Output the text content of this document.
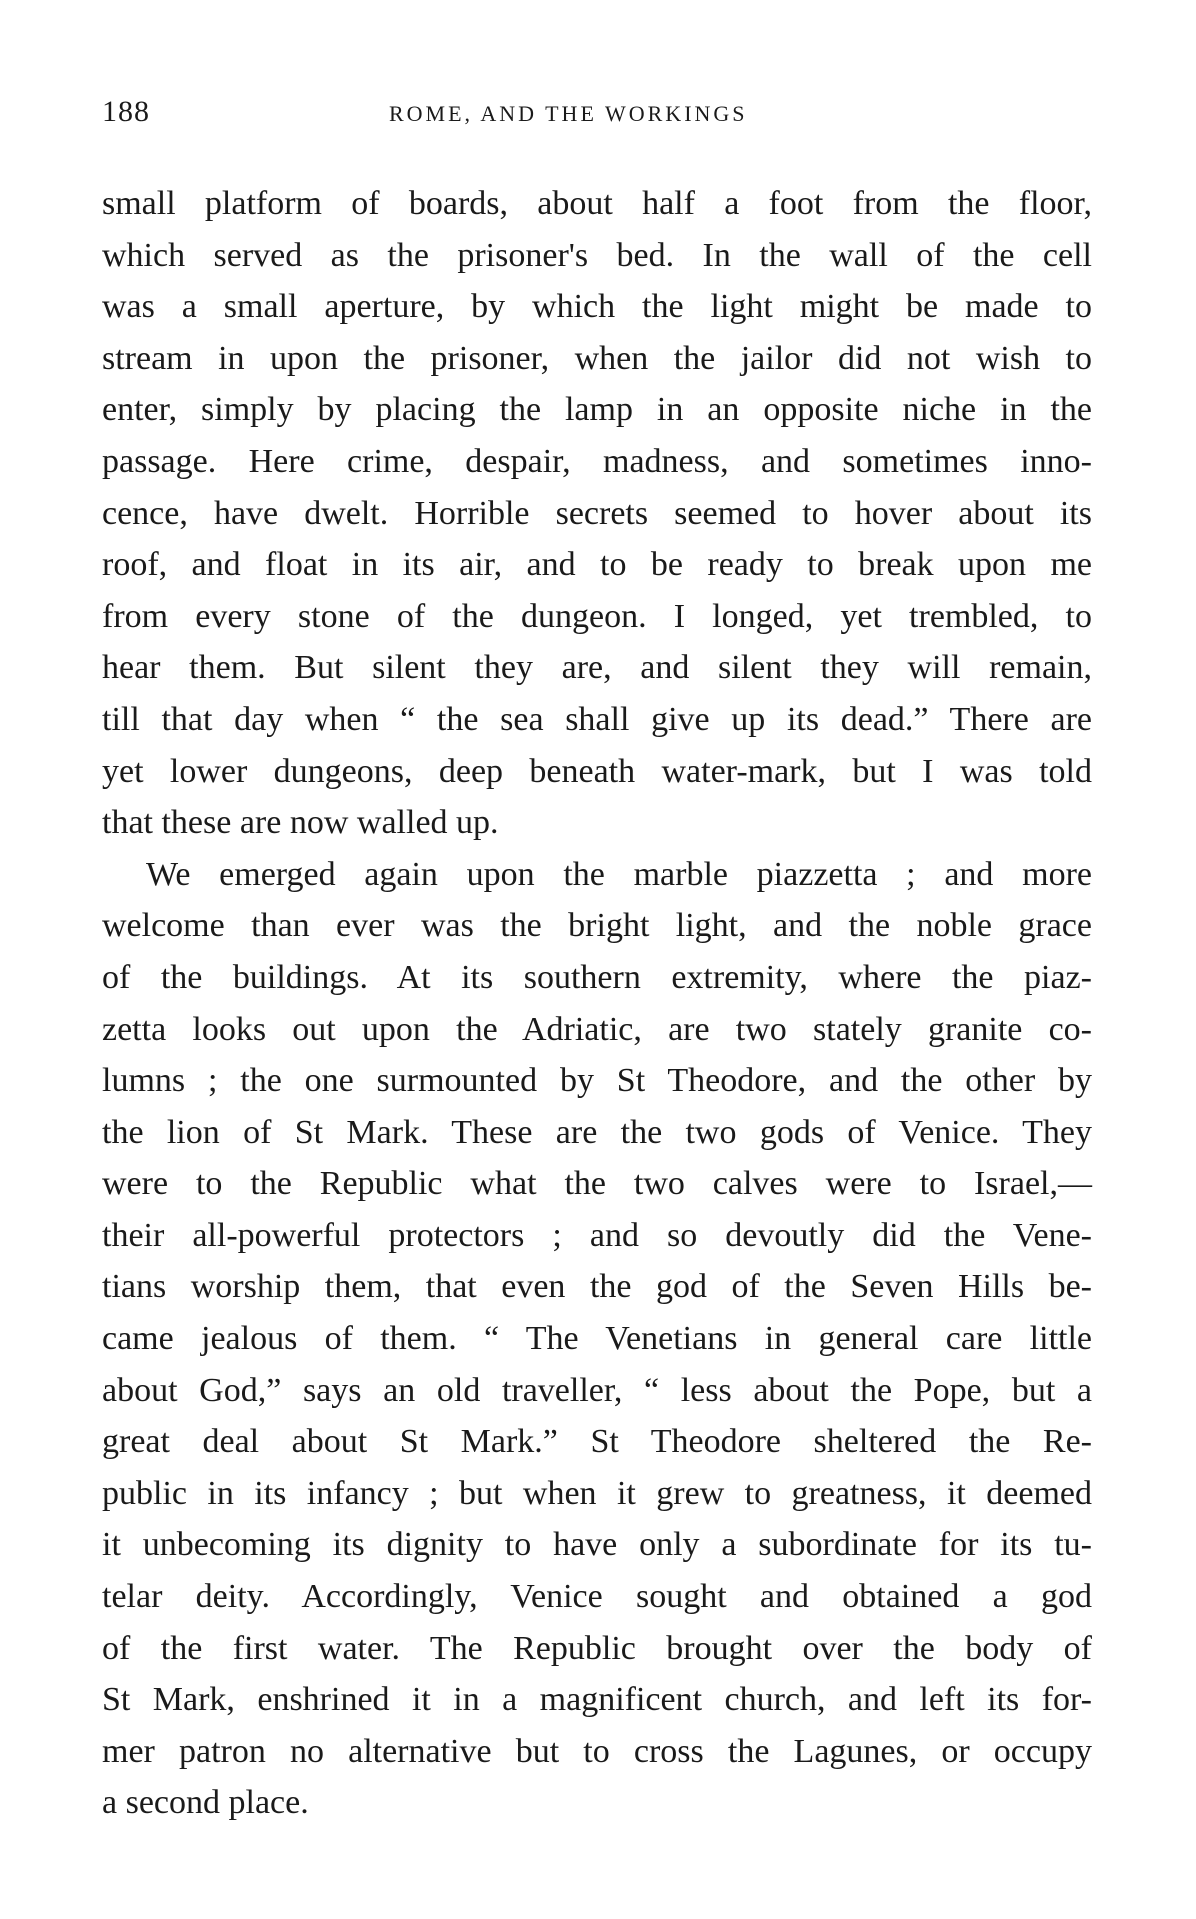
188	ROME, AND THE WORKINGS
small platform of boards, about half a foot from the floor,
which served as the prisoner's bed. In the wall of the cell
was a small aperture, by which the light might be made to
stream in upon the prisoner, when the jailor did not wish to
enter, simply by placing the lamp in an opposite niche in the
passage. Here crime, despair, madness, and sometimes inno-
cence, have dwelt. Horrible secrets seemed to hover about its
roof, and float in its air, and to be ready to break upon me
from every stone of the dungeon. I longed, yet trembled, to
hear them. But silent they are, and silent they will remain,
till that day when “ the sea shall give up its dead.” There are
yet lower dungeons, deep beneath water-mark, but I was told
that these are now walled up.
We emerged again upon the marble piazzetta ; and more
welcome than ever was the bright light, and the noble grace
of the buildings. At its southern extremity, where the piaz-
zetta looks out upon the Adriatic, are two stately granite co-
lumns ; the one surmounted by St Theodore, and the other by
the lion of St Mark. These are the two gods of Venice. They
were to the Republic what the two calves were to Israel,—
their all-powerful protectors ; and so devoutly did the Vene-
tians worship them, that even the god of the Seven Hills be-
came jealous of them. “ The Venetians in general care little
about God,” says an old traveller, “ less about the Pope, but a
great deal about St Mark.” St Theodore sheltered the Re-
public in its infancy ; but when it grew to greatness, it deemed
it unbecoming its dignity to have only a subordinate for its tu-
telar deity. Accordingly, Venice sought and obtained a god
of the first water. The Republic brought over the body of
St Mark, enshrined it in a magnificent church, and left its for-
mer patron no alternative but to cross the Lagunes, or occupy
a second place.
